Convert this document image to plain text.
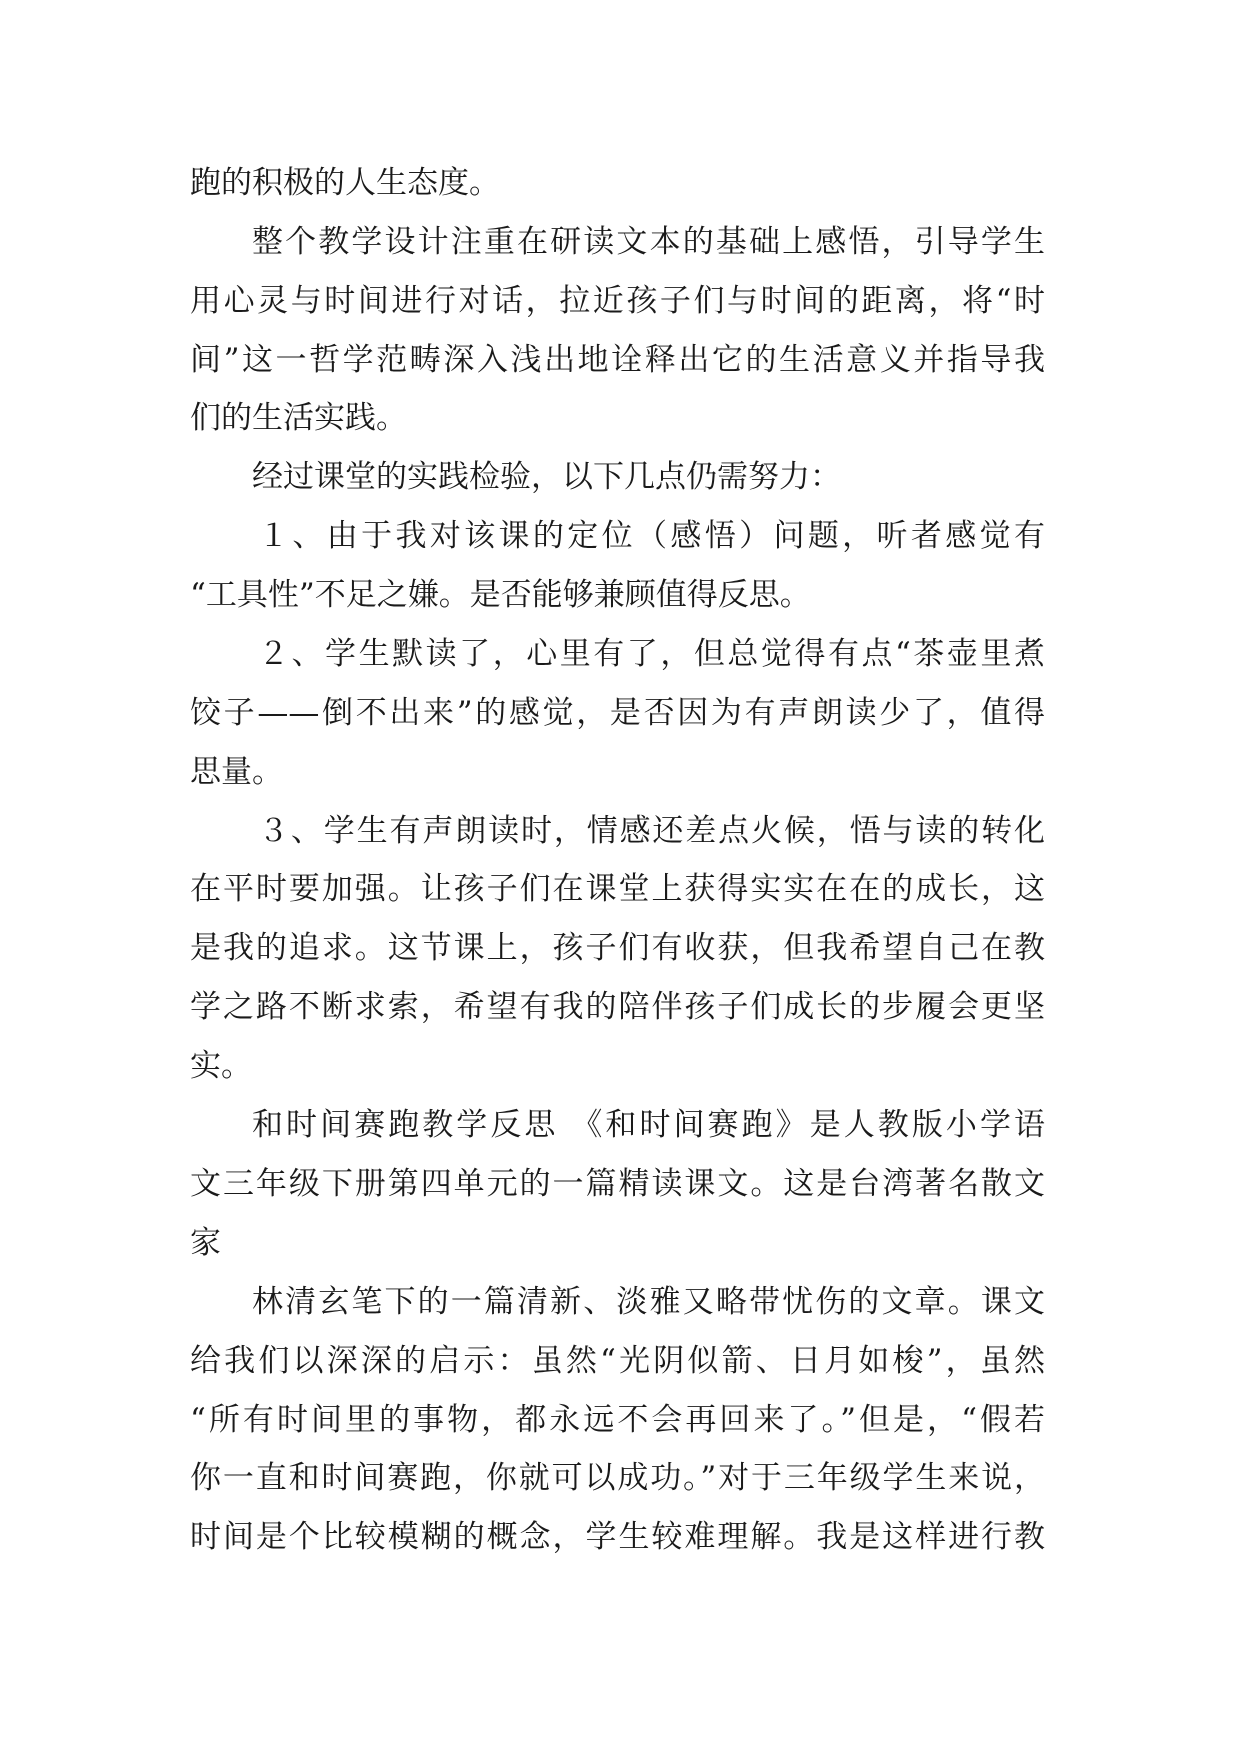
跑的积极的人生态度。
整个教学设计注重在研读文本的基础上感悟，引导学生
用心灵与时间进行对话，拉近孩子们与时间的距离，将“时
间”这一哲学范畴深入浅出地诠释出它的生活意义并指导我
们的生活实践。
经过课堂的实践检验，以下几点仍需努力：
１、由于我对该课的定位（感悟）问题，听者感觉有
“工具性”不足之嫌。是否能够兼顾值得反思。
２、学生默读了，心里有了，但总觉得有点“茶壶里煮
饺子——倒不出来”的感觉，是否因为有声朗读少了，值得
思量。
３、学生有声朗读时，情感还差点火候，悟与读的转化
在平时要加强。让孩子们在课堂上获得实实在在的成长，这
是我的追求。这节课上，孩子们有收获，但我希望自己在教
学之路不断求索，希望有我的陪伴孩子们成长的步履会更坚
实。
和时间赛跑教学反思 《和时间赛跑》是人教版小学语
文三年级下册第四单元的一篇精读课文。这是台湾著名散文
家
林清玄笔下的一篇清新、淡雅又略带忧伤的文章。课文
给我们以深深的启示：虽然“光阴似箭、日月如梭”，虽然
“所有时间里的事物，都永远不会再回来了。”但是，“假若
你一直和时间赛跑，你就可以成功。”对于三年级学生来说，
时间是个比较模糊的概念，学生较难理解。我是这样进行教
